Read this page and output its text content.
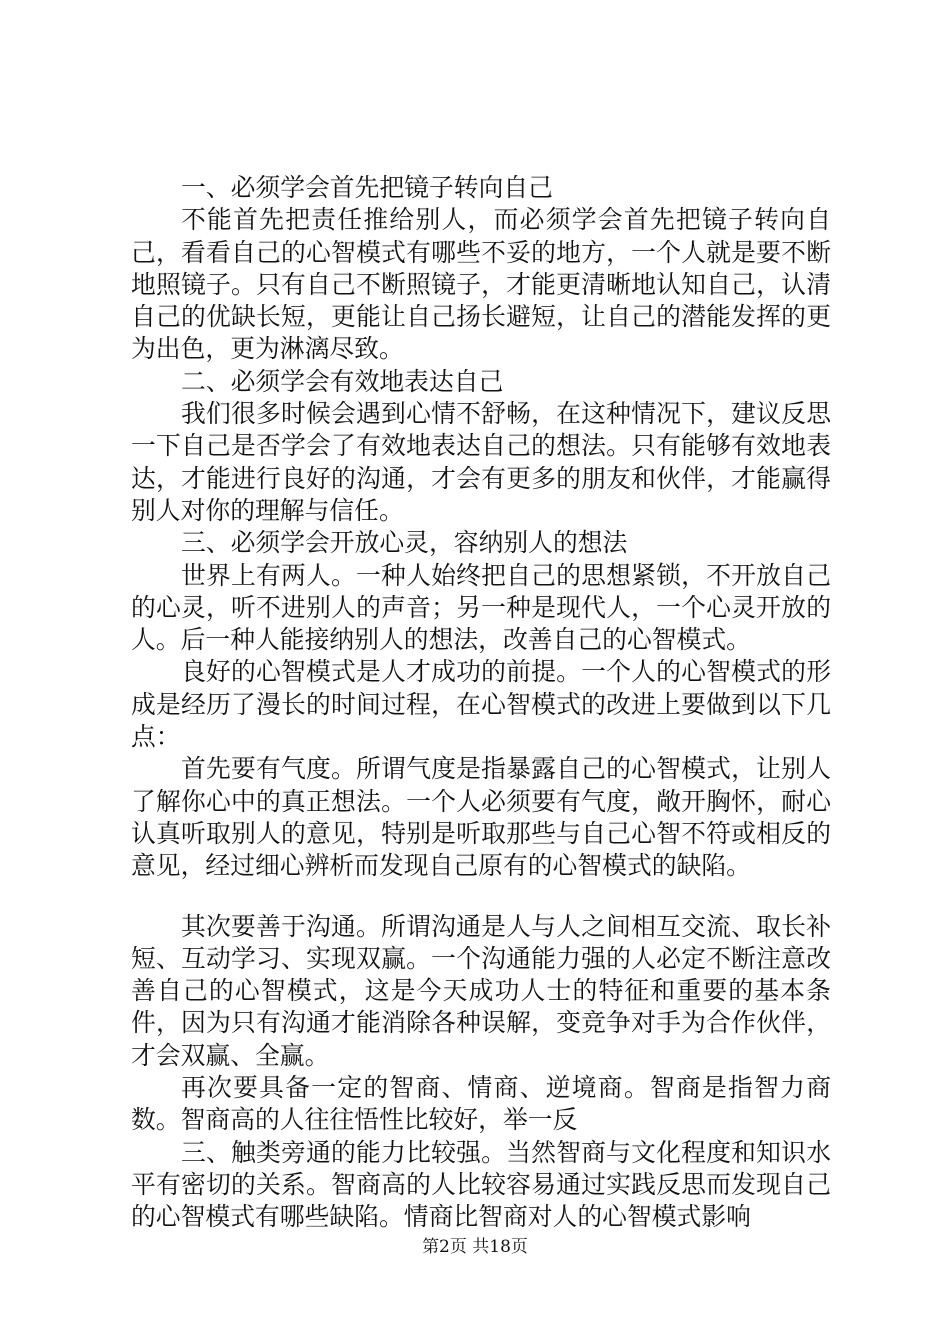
一、必须学会首先把镜子转向自己

不能首先把责任推给别人，而必须学会首先把镜子转向自己，看看自己的心智模式有哪些不妥的地方，一个人就是要不断地照镜子。只有自己不断照镜子，才能更清晰地认知自己，认清自己的优缺长短，更能让自己扬长避短，让自己的潜能发挥的更为出色，更为淋漓尽致。

二、必须学会有效地表达自己

我们很多时候会遇到心情不舒畅，在这种情况下，建议反思一下自己是否学会了有效地表达自己的想法。只有能够有效地表达，才能进行良好的沟通，才会有更多的朋友和伙伴，才能赢得别人对你的理解与信任。

三、必须学会开放心灵，容纳别人的想法

世界上有两人。一种人始终把自己的思想紧锁，不开放自己的心灵，听不进别人的声音；另一种是现代人，一个心灵开放的人。后一种人能接纳别人的想法，改善自己的心智模式。

良好的心智模式是人才成功的前提。一个人的心智模式的形成是经历了漫长的时间过程，在心智模式的改进上要做到以下几点：

首先要有气度。所谓气度是指暴露自己的心智模式，让别人了解你心中的真正想法。一个人必须要有气度，敞开胸怀，耐心认真听取别人的意见，特别是听取那些与自己心智不符或相反的意见，经过细心辨析而发现自己原有的心智模式的缺陷。

其次要善于沟通。所谓沟通是人与人之间相互交流、取长补短、互动学习、实现双赢。一个沟通能力强的人必定不断注意改善自己的心智模式，这是今天成功人士的特征和重要的基本条件，因为只有沟通才能消除各种误解，变竞争对手为合作伙伴，才会双赢、全赢。

再次要具备一定的智商、情商、逆境商。智商是指智力商数。智商高的人往往悟性比较好，举一反

三、触类旁通的能力比较强。当然智商与文化程度和知识水平有密切的关系。智商高的人比较容易通过实践反思而发现自己的心智模式有哪些缺陷。情商比智商对人的心智模式影响

第2页 共18页
